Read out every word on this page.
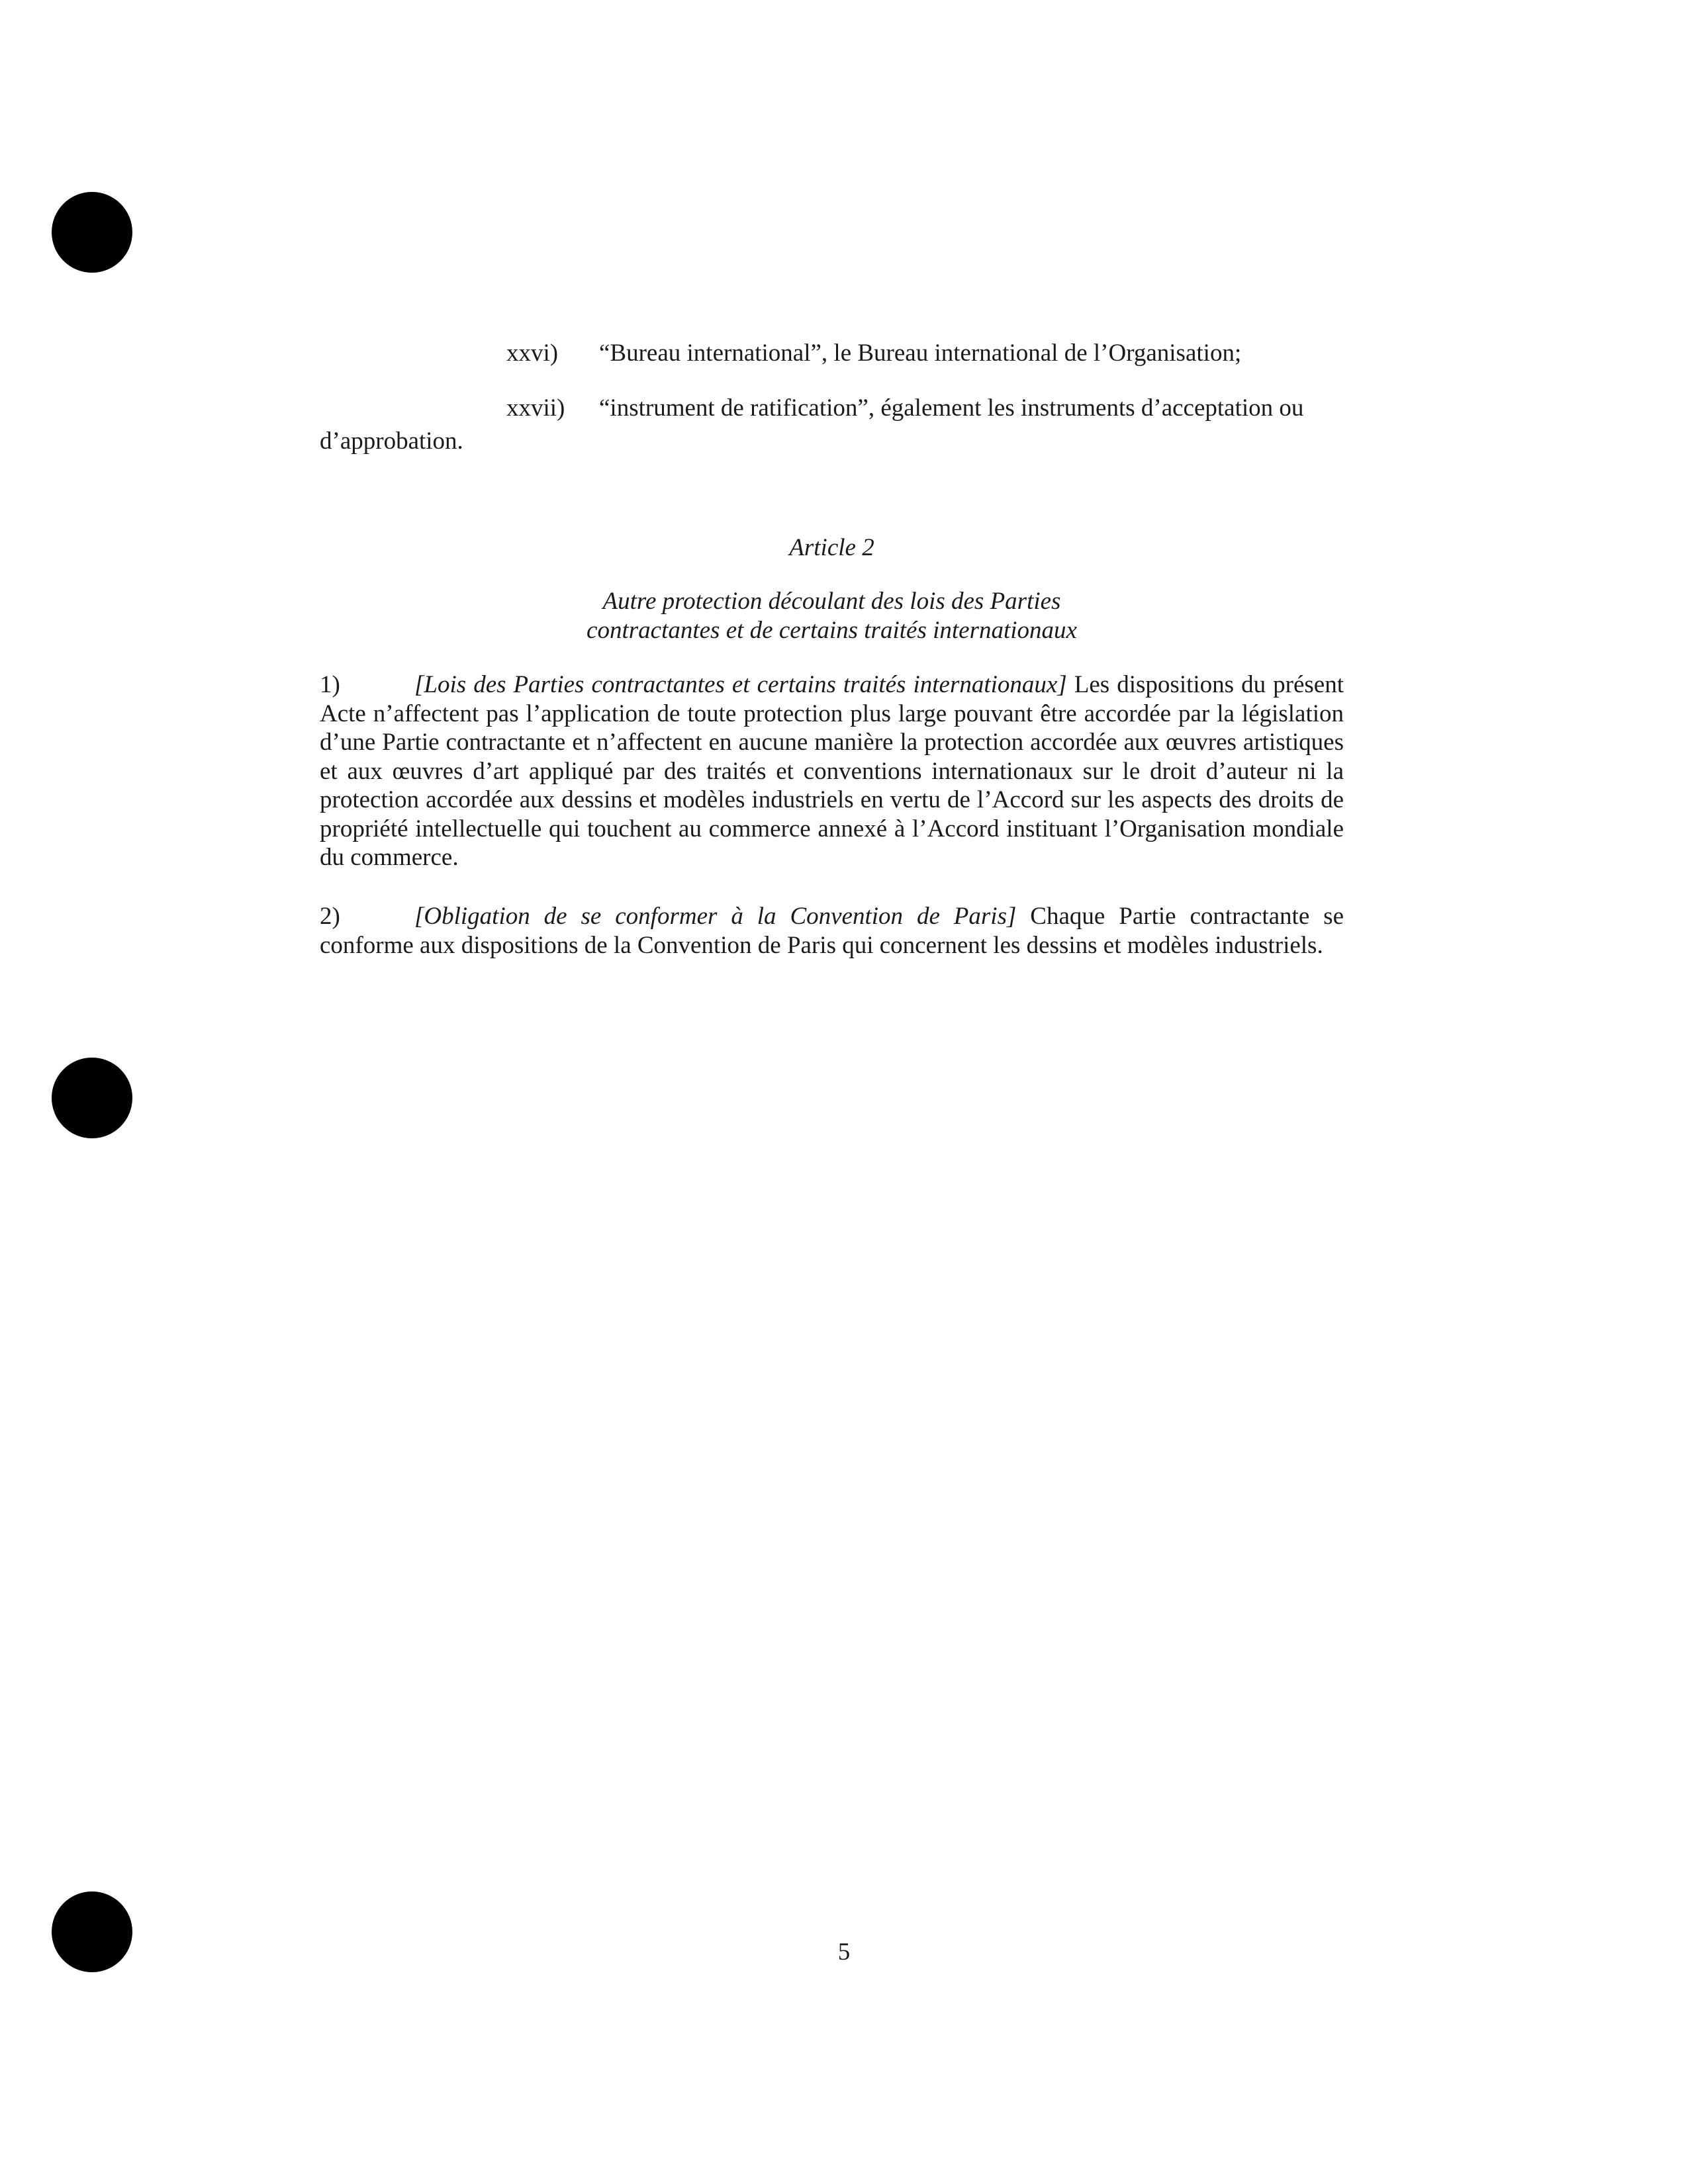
xxvi) “Bureau international”, le Bureau international de l’Organisation;
xxvii) “instrument de ratification”, également les instruments d’acceptation ou
d’approbation.
Article 2
Autre protection découlant des lois des Parties
contractantes et de certains traités internationaux
1)	[Lois des Parties contractantes et certains traités internationaux] Les dispositions du présent Acte n’affectent pas l’application de toute protection plus large pouvant être accordée par la législation d’une Partie contractante et n’affectent en aucune manière la protection accordée aux œuvres artistiques et aux œuvres d’art appliqué par des traités et conventions internationaux sur le droit d’auteur ni la protection accordée aux dessins et modèles industriels en vertu de l’Accord sur les aspects des droits de propriété intellectuelle qui touchent au commerce annexé à l’Accord instituant l’Organisation mondiale du commerce.
2)	[Obligation de se conformer à la Convention de Paris] Chaque Partie contractante se conforme aux dispositions de la Convention de Paris qui concernent les dessins et modèles industriels.
5
